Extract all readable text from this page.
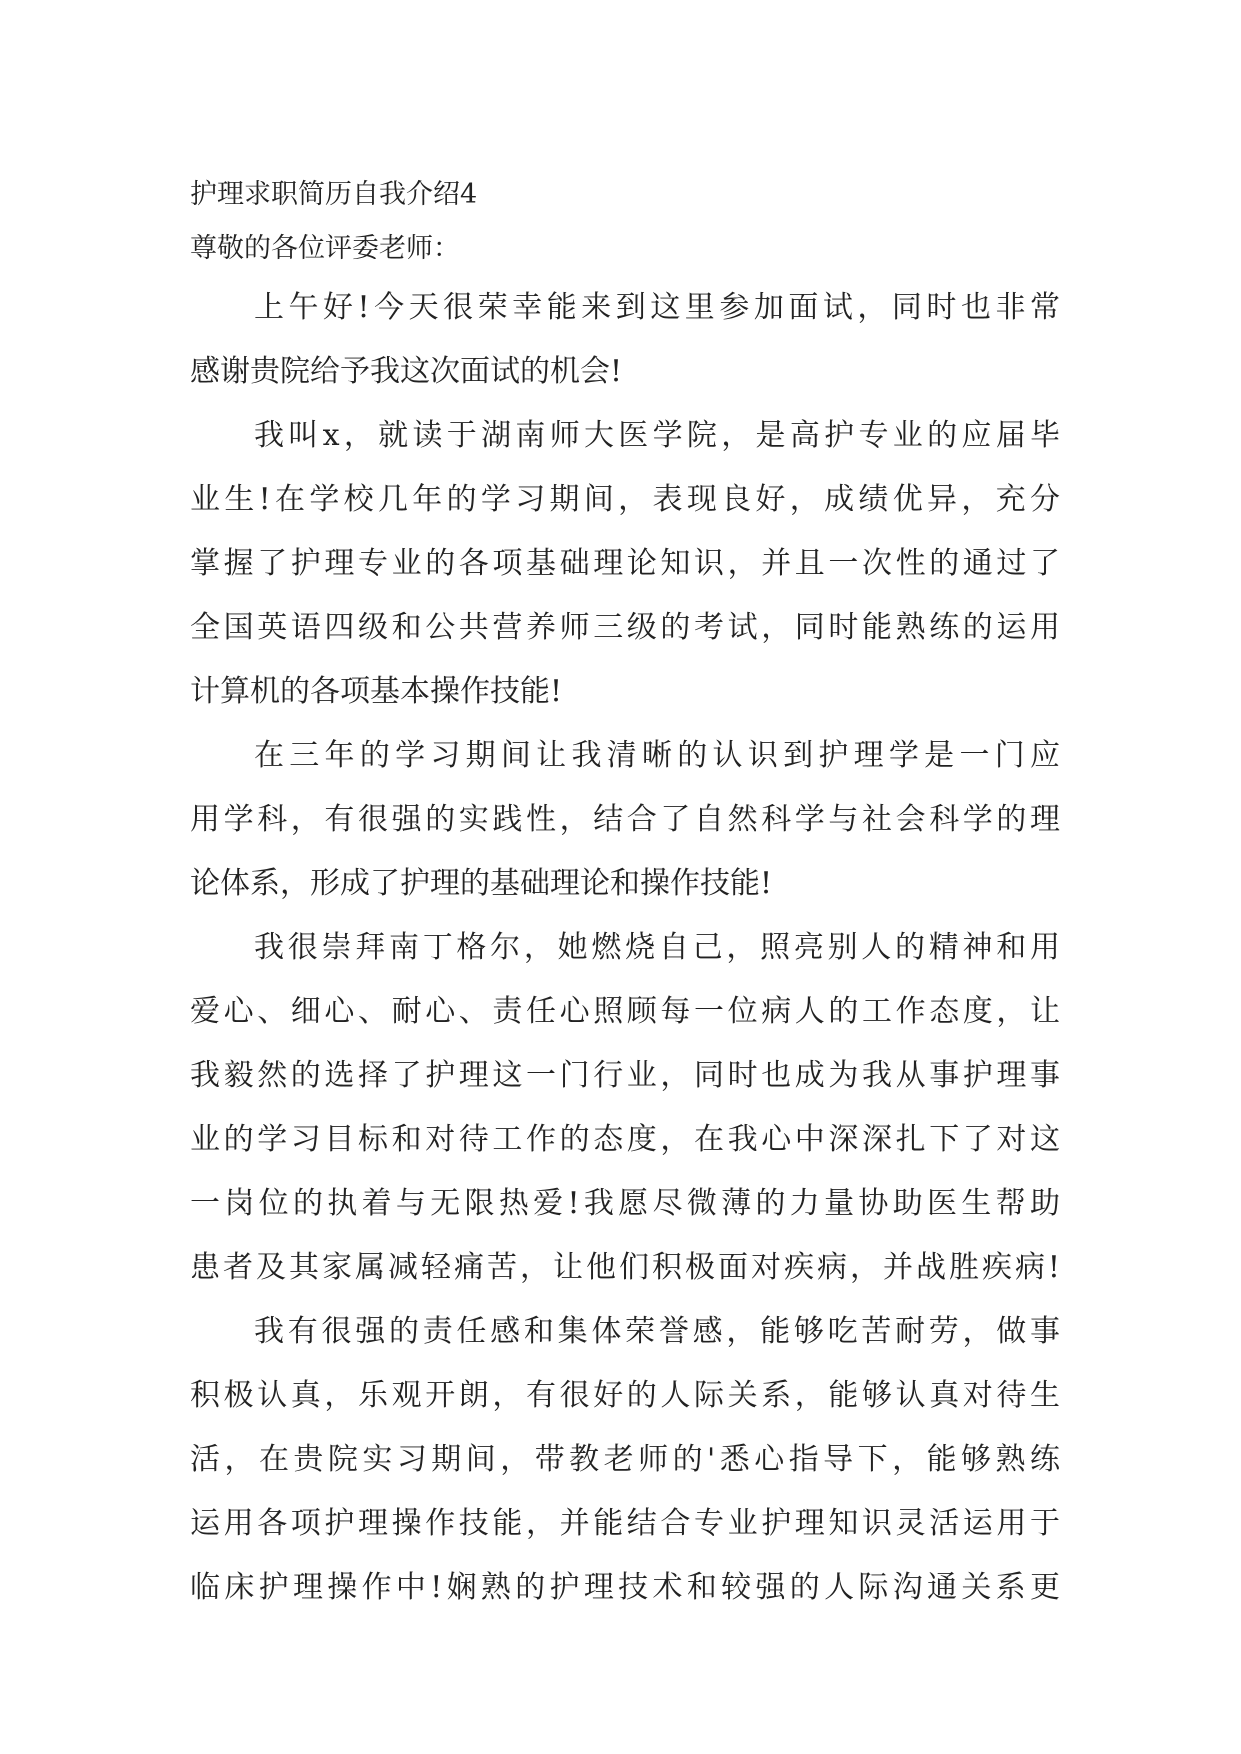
护理求职简历自我介绍4
尊敬的各位评委老师：
上午好!今天很荣幸能来到这里参加面试，同时也非常
感谢贵院给予我这次面试的机会!
我叫x，就读于湖南师大医学院，是高护专业的应届毕
业生!在学校几年的学习期间，表现良好，成绩优异，充分
掌握了护理专业的各项基础理论知识，并且一次性的通过了
全国英语四级和公共营养师三级的考试，同时能熟练的运用
计算机的各项基本操作技能!
在三年的学习期间让我清晰的认识到护理学是一门应
用学科，有很强的实践性，结合了自然科学与社会科学的理
论体系，形成了护理的基础理论和操作技能!
我很崇拜南丁格尔，她燃烧自己，照亮别人的精神和用
爱心、细心、耐心、责任心照顾每一位病人的工作态度，让
我毅然的选择了护理这一门行业，同时也成为我从事护理事
业的学习目标和对待工作的态度，在我心中深深扎下了对这
一岗位的执着与无限热爱!我愿尽微薄的力量协助医生帮助
患者及其家属减轻痛苦，让他们积极面对疾病，并战胜疾病!
我有很强的责任感和集体荣誉感，能够吃苦耐劳，做事
积极认真，乐观开朗，有很好的人际关系，能够认真对待生
活，在贵院实习期间，带教老师的'悉心指导下，能够熟练
运用各项护理操作技能，并能结合专业护理知识灵活运用于
临床护理操作中!娴熟的护理技术和较强的人际沟通关系更
